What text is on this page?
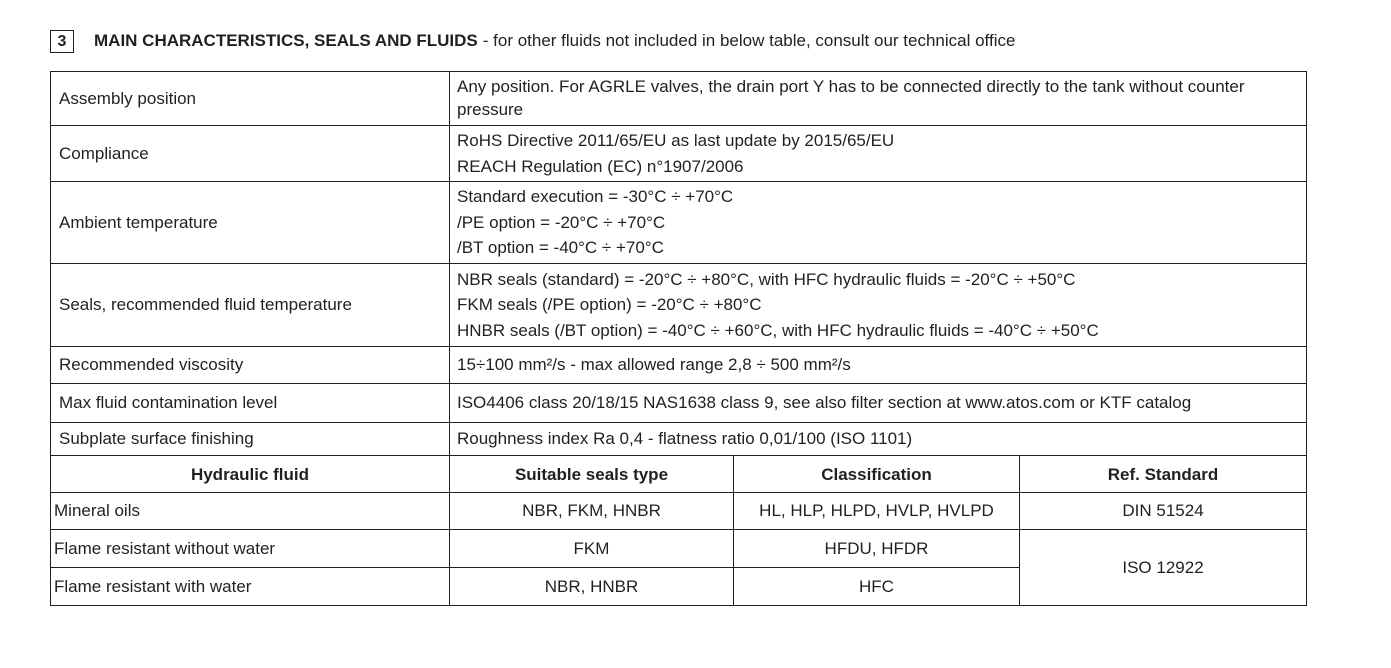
3	MAIN CHARACTERISTICS, SEALS AND FLUIDS - for other fluids not included in below table, consult our technical office
Assembly position	Any position. For AGRLE valves, the drain port Y has to be connected directly to the tank without counter pressure		
Compliance	RoHS Directive 2011/65/EU as last update by 2015/65/EU
REACH Regulation (EC) n°1907/2006		

Ambient temperature	Standard execution = -30°C ÷ +70°C
/PE option = -20°C ÷ +70°C
/BT option = -40°C ÷ +70°C		

Seals, recommended fluid temperature	NBR seals (standard) = -20°C ÷ +80°C, with HFC hydraulic fluids = -20°C ÷ +50°C
FKM seals (/PE option) = -20°C ÷ +80°C
HNBR seals (/BT option) = -40°C ÷ +60°C, with HFC hydraulic fluids = -40°C ÷ +50°C		

Recommended viscosity	15÷100 mm²/s - max allowed range 2,8 ÷ 500 mm²/s		
Max fluid contamination level	ISO4406 class 20/18/15 NAS1638 class 9, see also filter section at www.atos.com or KTF catalog		
Subplate surface finishing	Roughness index Ra 0,4 - flatness ratio 0,01/100 (ISO 1101)		
Hydraulic fluid	Suitable seals type	Classification	Ref. Standard
Mineral oils	NBR, FKM, HNBR	HL, HLP, HLPD, HVLP, HVLPD	DIN 51524
Flame resistant without water	FKM	HFDU, HFDR	ISO 12922
Flame resistant with water	NBR, HNBR	HFC	
